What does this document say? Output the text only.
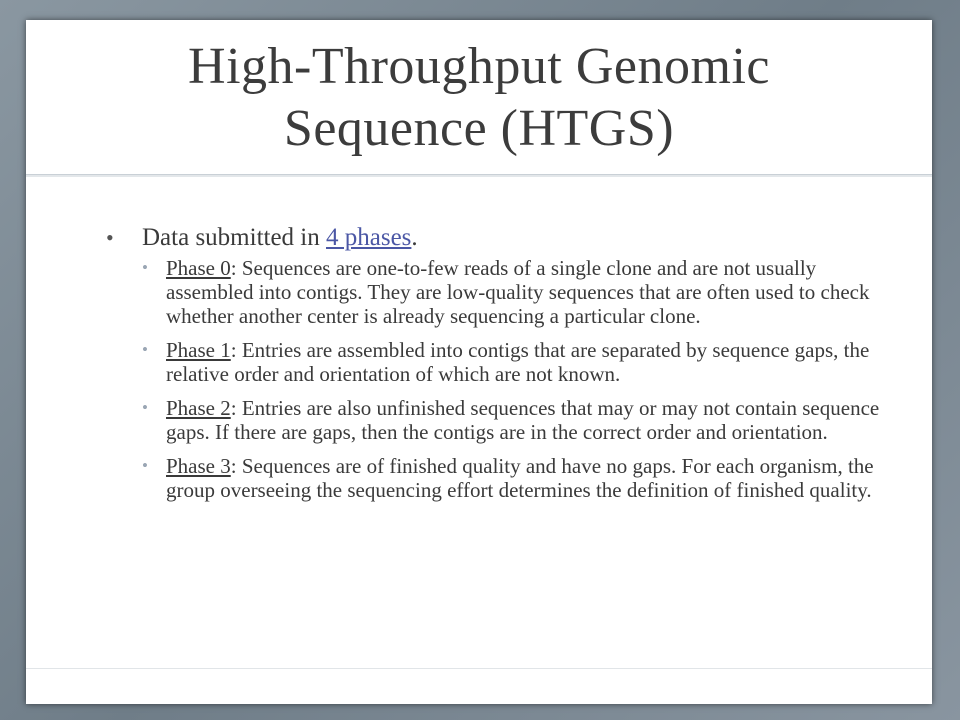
High-Throughput Genomic
Sequence (HTGS)
• Data submitted in 4 phases.
• Phase 0: Sequences are one-to-few reads of a single clone and are not usually assembled into contigs. They are low-quality sequences that are often used to check whether another center is already sequencing a particular clone.
• Phase 1: Entries are assembled into contigs that are separated by sequence gaps, the relative order and orientation of which are not known.
• Phase 2: Entries are also unfinished sequences that may or may not contain sequence gaps. If there are gaps, then the contigs are in the correct order and orientation.
• Phase 3: Sequences are of finished quality and have no gaps. For each organism, the group overseeing the sequencing effort determines the definition of finished quality.
